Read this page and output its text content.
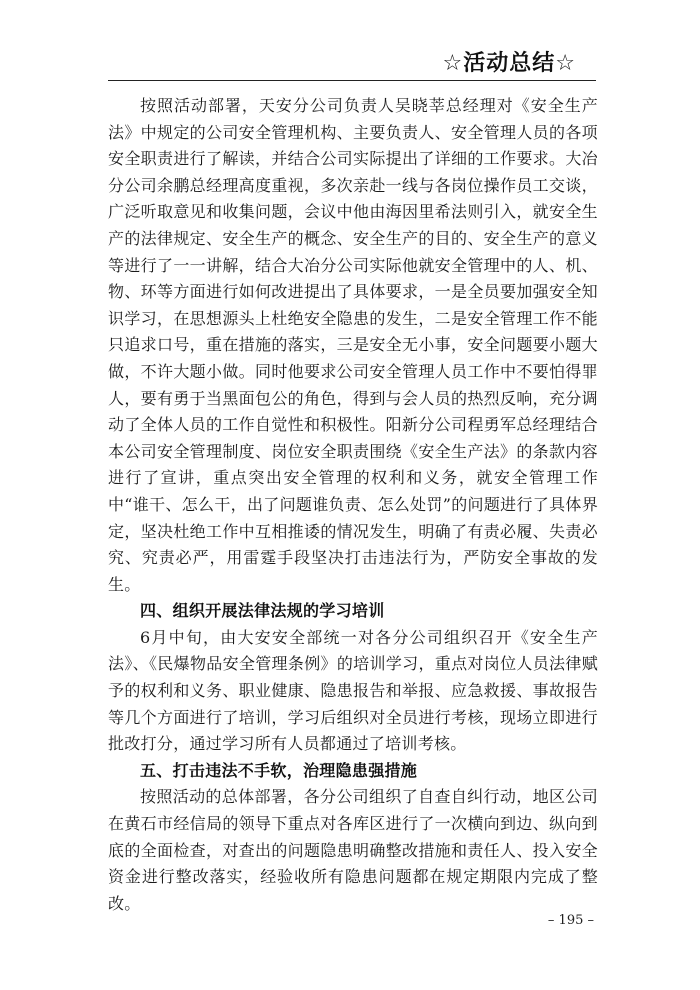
☆活动总结☆

按照活动部署，天安分公司负责人吴晓莘总经理对《安全生产法》中规定的公司安全管理机构、主要负责人、安全管理人员的各项安全职责进行了解读，并结合公司实际提出了详细的工作要求。大冶分公司余鹏总经理高度重视，多次亲赴一线与各岗位操作员工交谈，广泛听取意见和收集问题，会议中他由海因里希法则引入，就安全生产的法律规定、安全生产的概念、安全生产的目的、安全生产的意义等进行了一一讲解，结合大冶分公司实际他就安全管理中的人、机、物、环等方面进行如何改进提出了具体要求，一是全员要加强安全知识学习，在思想源头上杜绝安全隐患的发生，二是安全管理工作不能只追求口号，重在措施的落实，三是安全无小事，安全问题要小题大做，不许大题小做。同时他要求公司安全管理人员工作中不要怕得罪人，要有勇于当黑面包公的角色，得到与会人员的热烈反响，充分调动了全体人员的工作自觉性和积极性。阳新分公司程勇军总经理结合本公司安全管理制度、岗位安全职责围绕《安全生产法》的条款内容进行了宣讲，重点突出安全管理的权利和义务，就安全管理工作中“谁干、怎么干，出了问题谁负责、怎么处罚”的问题进行了具体界定，坚决杜绝工作中互相推诿的情况发生，明确了有责必履、失责必究、究责必严，用雷霆手段坚决打击违法行为，严防安全事故的发生。

四、组织开展法律法规的学习培训

6月中旬，由大安安全部统一对各分公司组织召开《安全生产法》、《民爆物品安全管理条例》的培训学习，重点对岗位人员法律赋予的权利和义务、职业健康、隐患报告和举报、应急救援、事故报告等几个方面进行了培训，学习后组织对全员进行考核，现场立即进行批改打分，通过学习所有人员都通过了培训考核。

五、打击违法不手软，治理隐患强措施

按照活动的总体部署，各分公司组织了自查自纠行动，地区公司在黄石市经信局的领导下重点对各库区进行了一次横向到边、纵向到底的全面检查，对查出的问题隐患明确整改措施和责任人、投入安全资金进行整改落实，经验收所有隐患问题都在规定期限内完成了整改。

– 195 –
